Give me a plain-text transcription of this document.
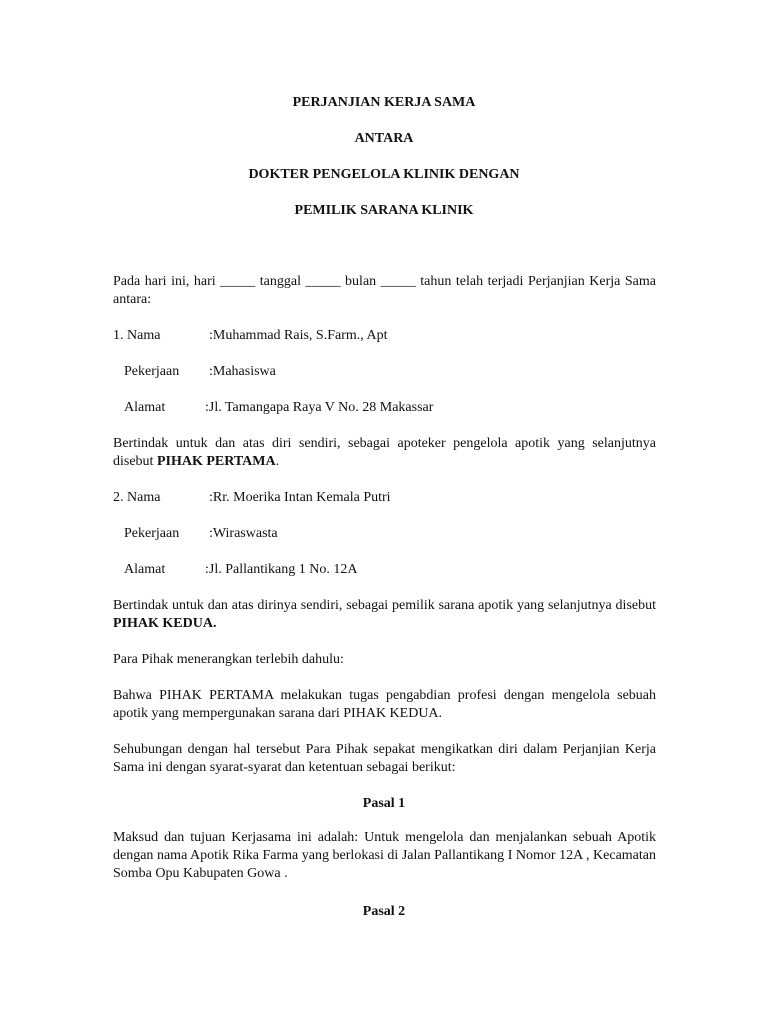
PERJANJIAN KERJA SAMA
ANTARA
DOKTER PENGELOLA KLINIK DENGAN
PEMILIK SARANA KLINIK
Pada hari ini, hari _____ tanggal _____ bulan _____ tahun telah terjadi Perjanjian Kerja Sama antara:
1. Nama	:Muhammad Rais, S.Farm., Apt
Pekerjaan :Mahasiswa
Alamat	:Jl. Tamangapa Raya V No. 28 Makassar
Bertindak untuk dan atas diri sendiri, sebagai apoteker pengelola apotik yang selanjutnya disebut PIHAK PERTAMA.
2. Nama	:Rr. Moerika Intan Kemala Putri
Pekerjaan :Wiraswasta
Alamat	:Jl. Pallantikang 1 No. 12A
Bertindak untuk dan atas dirinya sendiri, sebagai pemilik sarana apotik yang selanjutnya disebut PIHAK KEDUA.
Para Pihak menerangkan terlebih dahulu:
Bahwa PIHAK PERTAMA melakukan tugas pengabdian profesi dengan mengelola sebuah apotik yang mempergunakan sarana dari PIHAK KEDUA.
Sehubungan dengan hal tersebut Para Pihak sepakat mengikatkan diri dalam Perjanjian Kerja Sama ini dengan syarat-syarat dan ketentuan sebagai berikut:
Pasal 1
Maksud dan tujuan Kerjasama ini adalah: Untuk mengelola dan menjalankan sebuah Apotik dengan nama Apotik Rika Farma yang berlokasi di Jalan Pallantikang I Nomor 12A , Kecamatan Somba Opu Kabupaten Gowa .
Pasal 2
